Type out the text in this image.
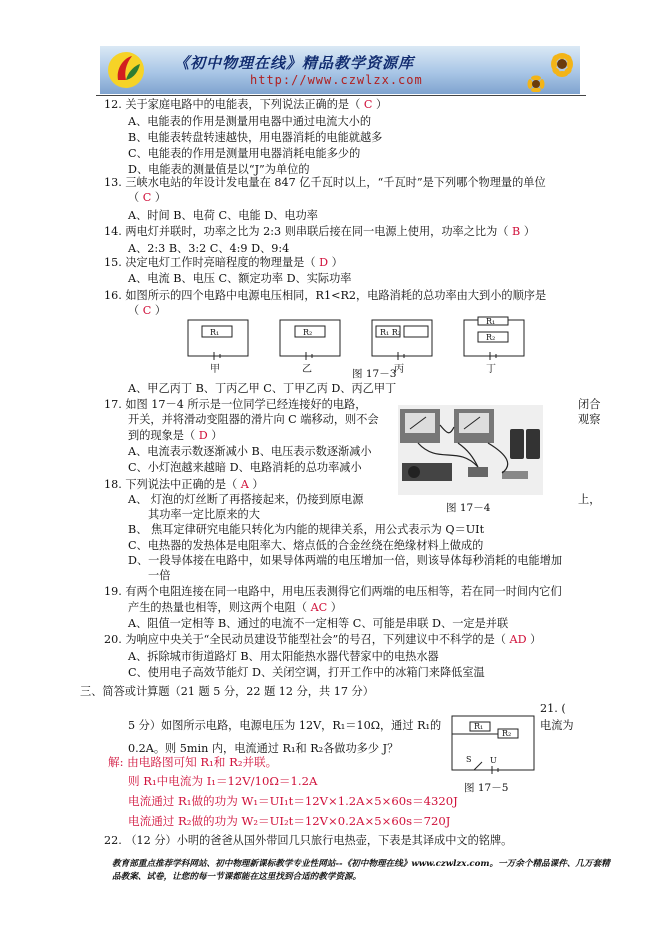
《初中物理在线》精品教学资源库
http://www.czwlzx.com
12. 关于家庭电路中的电能表，下列说法正确的是（ C ）
A、电能表的作用是测量用电器中通过电流大小的
B、电能表转盘转速越快，用电器消耗的电能就越多
C、电能表的作用是测量用电器消耗电能多少的
D、电能表的测量值是以“J”为单位的
13. 三峡水电站的年设计发电量在 847 亿千瓦时以上，“千瓦时”是下列哪个物理量的单位
（ C ）
A、时间 B、电荷 C、电能 D、电功率
14. 两电灯并联时，功率之比为 2:3 则串联后接在同一电源上使用，功率之比为（ B ）
A、2:3 B、3:2 C、4:9 D、9:4
15. 决定电灯工作时亮暗程度的物理量是（ D ）
A、电流 B、电压 C、额定功率 D、实际功率
16. 如图所示的四个电路中电源电压相同，R1<R2，电路消耗的总功率由大到小的顺序是
（ C ）
A、甲乙丙丁 B、丁丙乙甲 C、丁甲乙丙 D、丙乙甲丁
17. 如图 17－4 所示是一位同学已经连接好的电路，
开关，并将滑动变阻器的滑片向 C 端移动，则不会
到的现象是（ D ）
A、电流表示数逐渐减小 B、电压表示数逐渐减小
C、小灯泡越来越暗 D、电路消耗的总功率减小
18. 下列说法中正确的是（ A ）
A、 灯泡的灯丝断了再搭接起来，仍接到原电源
其功率一定比原来的大
B、 焦耳定律研究电能只转化为内能的规律关系，用公式表示为 Q＝UIt
C、电热器的发热体是电阻率大、熔点低的合金丝绕在绝缘材料上做成的
D、一段导体接在电路中，如果导体两端的电压增加一倍，则该导体每秒消耗的电能增加
一倍
19. 有两个电阻连接在同一电路中，用电压表测得它们两端的电压相等，若在同一时间内它们
产生的热量也相等，则这两个电阻（ AC ）
A、阻值一定相等 B、通过的电流不一定相等 C、可能是串联 D、一定是并联
20. 为响应中央关于“全民动员建设节能型社会”的号召，下列建议中不科学的是（ AD ）
A、拆除城市街道路灯 B、用太阳能热水器代替家中的电热水器
C、使用电子高效节能灯 D、关闭空调，打开工作中的冰箱门来降低室温
三、简答或计算题（21 题 5 分，22 题 12 分，共 17 分）
5 分）如图所示电路，电源电压为 12V，R₁＝10Ω，通过 R₁的
0.2A。则 5min 内，电流通过 R₁和 R₂各做功多少 J？
22. （12 分）小明的爸爸从国外带回几只旅行电热壶，下表是其译成中文的铭牌。
闭合
观察
上，
21. (
电流为
解: 由电路图可知 R₁和 R₂并联。
则 R₁中电流为 I₁＝12V/10Ω＝1.2A
电流通过 R₁做的功为 W₁＝UI₁t＝12V×1.2A×5×60s＝4320J
电流通过 R₂做的功为 W₂＝UI₂t＝12V×0.2A×5×60s＝720J
R₁	R₂	R₁ R₂
R₁
R₂
甲	乙	丙	丁
图 17－3
图 17－4
R₁
R₂
S U
图 17－5
教育部重点推荐学科网站、初中物理新课标教学专业性网站--《初中物理在线》www.czwlzx.com。一万余个精品课件、几万套精品教案、试卷，让您的每一节课都能在这里找到合适的教学资源。
